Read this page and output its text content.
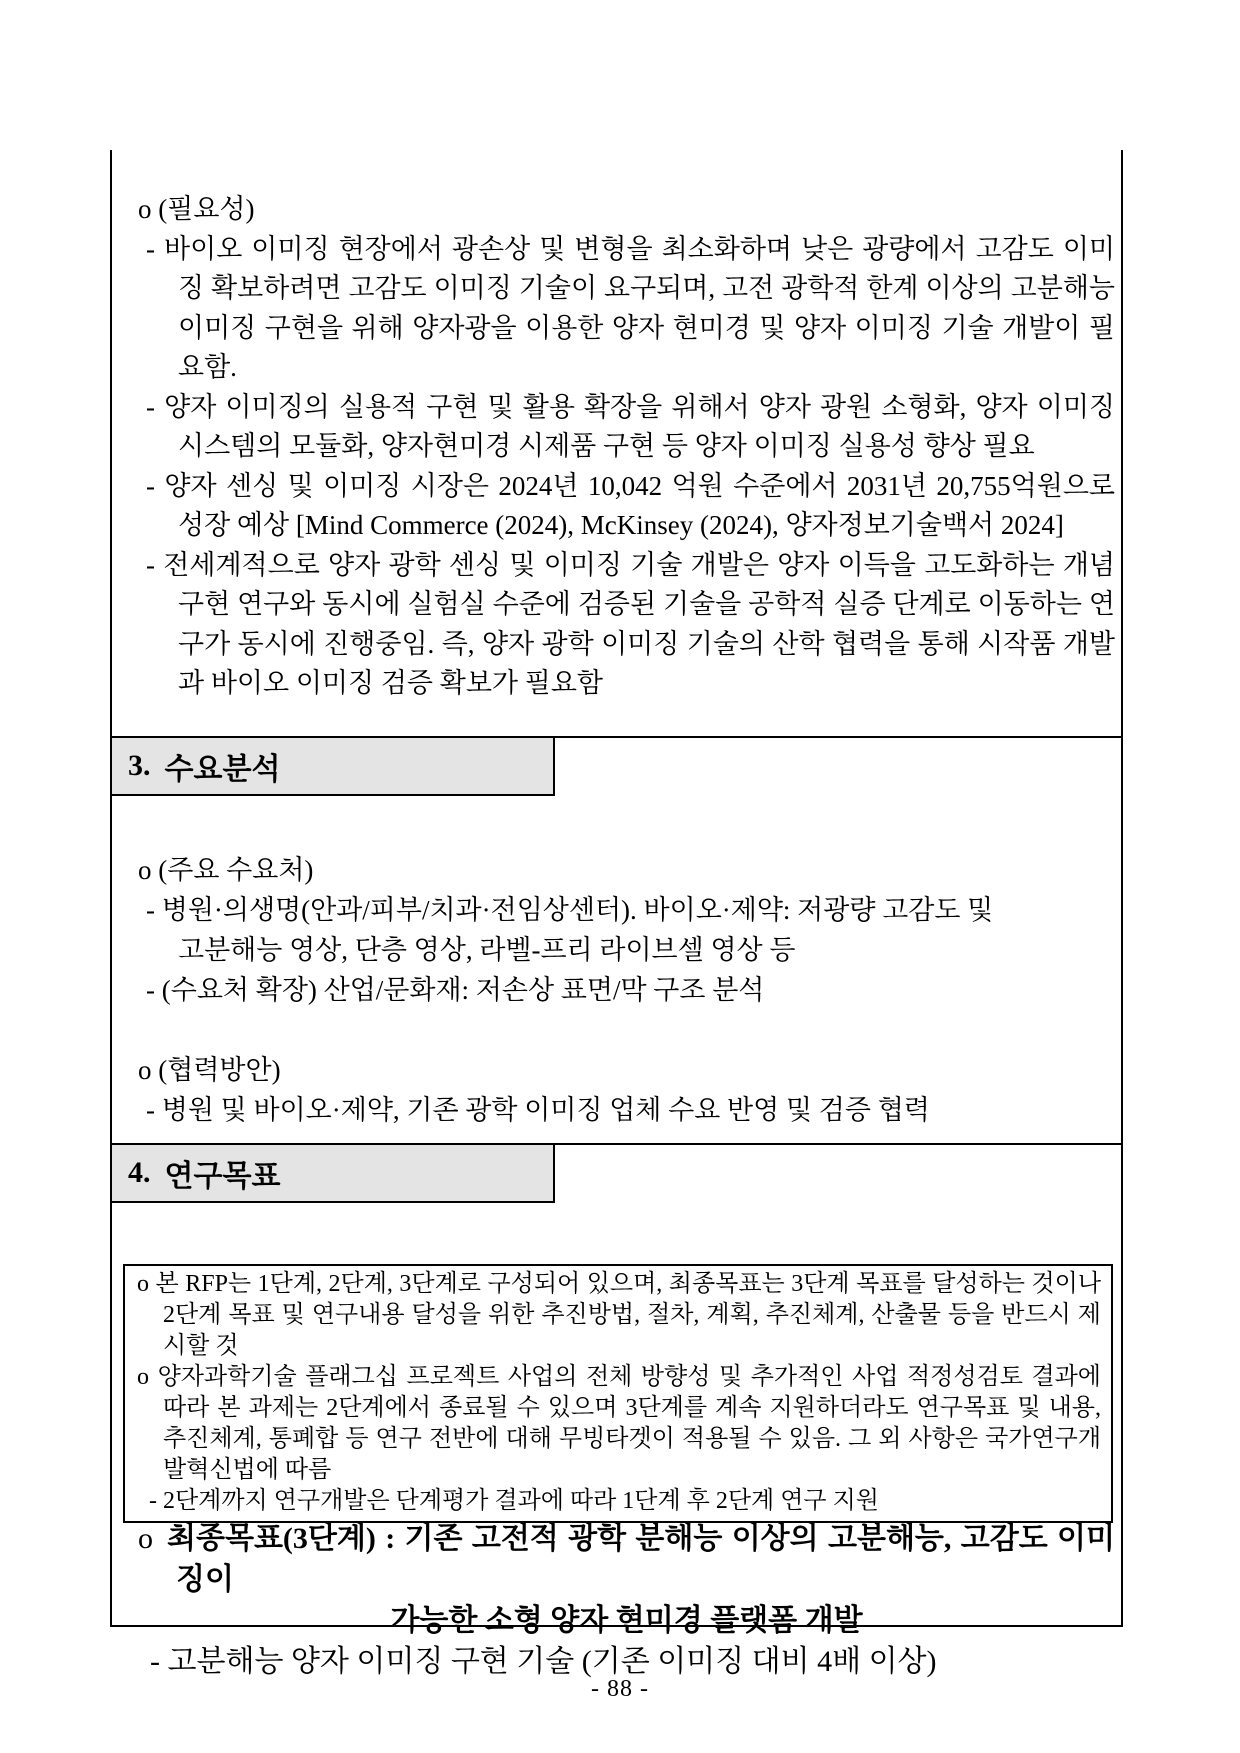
o (필요성)

- 바이오 이미징 현장에서 광손상 및 변형을 최소화하며 낮은 광량에서 고감도 이미징 확보하려면 고감도 이미징 기술이 요구되며, 고전 광학적 한계 이상의 고분해능 이미징 구현을 위해 양자광을 이용한 양자 현미경 및 양자 이미징 기술 개발이 필요함.

- 양자 이미징의 실용적 구현 및 활용 확장을 위해서 양자 광원 소형화, 양자 이미징 시스템의 모듈화, 양자현미경 시제품 구현 등 양자 이미징 실용성 향상 필요

- 양자 센싱 및 이미징 시장은 2024년 10,042 억원 수준에서 2031년 20,755억원으로 성장 예상 [Mind Commerce (2024), McKinsey (2024), 양자정보기술백서 2024]

- 전세계적으로 양자 광학 센싱 및 이미징 기술 개발은 양자 이득을 고도화하는 개념 구현 연구와 동시에 실험실 수준에 검증된 기술을 공학적 실증 단계로 이동하는 연구가 동시에 진행중임. 즉, 양자 광학 이미징 기술의 산학 협력을 통해 시작품 개발과 바이오 이미징 검증 확보가 필요함

3. 수요분석

o (주요 수요처)

- 병원·의생명(안과/피부/치과·전임상센터). 바이오·제약: 저광량 고감도 및
고분해능 영상, 단층 영상, 라벨-프리 라이브셀 영상 등

- (수요처 확장) 산업/문화재: 저손상 표면/막 구조 분석

o (협력방안)

- 병원 및 바이오·제약, 기존 광학 이미징 업체 수요 반영 및 검증 협력

4. 연구목표

o 본 RFP는 1단계, 2단계, 3단계로 구성되어 있으며, 최종목표는 3단계 목표를 달성하는 것이나 2단계 목표 및 연구내용 달성을 위한 추진방법, 절차, 계획, 추진체계, 산출물 등을 반드시 제시할 것

o 양자과학기술 플래그십 프로젝트 사업의 전체 방향성 및 추가적인 사업 적정성검토 결과에 따라 본 과제는 2단계에서 종료될 수 있으며 3단계를 계속 지원하더라도 연구목표 및 내용, 추진체계, 통폐합 등 연구 전반에 대해 무빙타겟이 적용될 수 있음. 그 외 사항은 국가연구개발혁신법에 따름

- 2단계까지 연구개발은 단계평가 결과에 따라 1단계 후 2단계 연구 지원

o 최종목표(3단계) : 기존 고전적 광학 분해능 이상의 고분해능, 고감도 이미징이

가능한 소형 양자 현미경 플랫폼 개발

- 고분해능 양자 이미징 구현 기술 (기존 이미징 대비 4배 이상)

- 88 -
